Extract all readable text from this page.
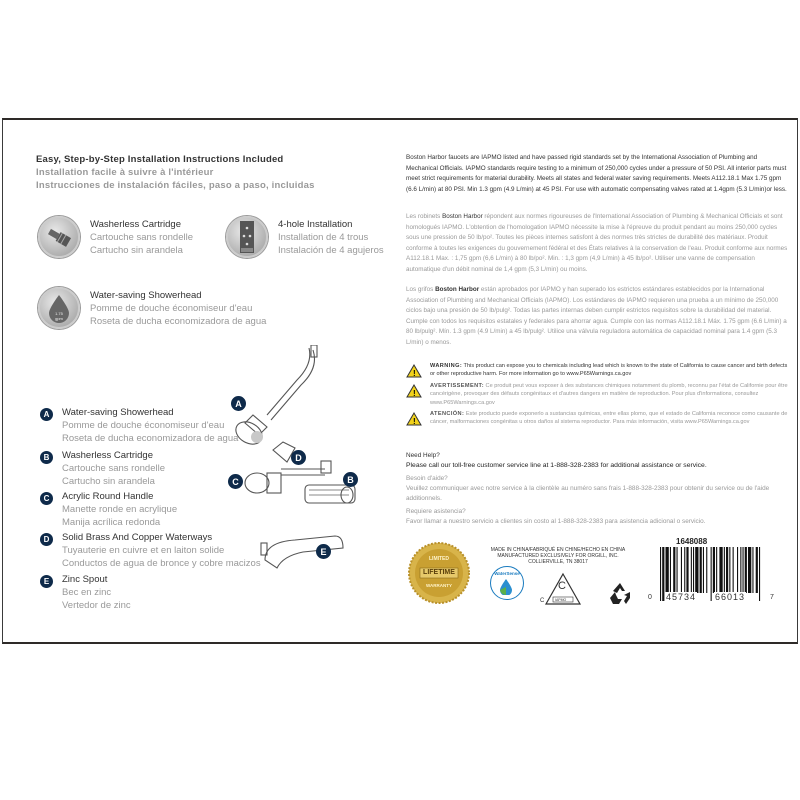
Easy, Step-by-Step Installation Instructions Included
Installation facile à suivre à l'intérieur
Instrucciones de instalación fáciles, paso a paso, incluidas
Washerless Cartridge
Cartouche sans rondelle
Cartucho sin arandela
4-hole Installation
Installation de 4 trous
Instalación de 4 agujeros
1.75 gpm
Water-saving Showerhead
Pomme de douche économiseur d'eau
Roseta de ducha economizadora de agua
A	Water-saving Showerhead
Pomme de douche économiseur d'eau
Roseta de ducha economizadora de agua
B	Washerless Cartridge
Cartouche sans rondelle
Cartucho sin arandela
C	Acrylic Round Handle
Manette ronde en acrylique
Manija acrílica redonda
D	Solid Brass And Copper Waterways
Tuyauterie en cuivre et en laiton solide
Conductos de agua de bronce y cobre macizos
E	Zinc Spout
Bec en zinc
Vertedor de zinc
A
B
C
D
E
Boston Harbor faucets are IAPMO listed and have passed rigid standards set by the International Association of Plumbing and Mechanical Officials. IAPMO standards require testing to a minimum of 250,000 cycles under a pressure of 50 PSI. All interior parts must meet strict requirements for material durability. Meets all states and federal water saving requirements. Meets A112.18.1 Max 1.75 gpm (6.6 L/min) at 80 PSI. Min 1.3 gpm (4.9 L/min) at 45 PSI. For use with automatic compensating valves rated at 1.4gpm (5.3 L/min)or less.
Les robinets Boston Harbor répondent aux normes rigoureuses de l'International Association of Plumbing & Mechanical Officials et sont homologués IAPMO. L'obtention de l'homologation IAPMO nécessite la mise à l'épreuve du produit pendant au moins 250,000 cycles sous une pression de 50 lb/po². Toutes les pièces internes satisfont à des normes très strictes de durabilité des matériaux. Produit conforme à toutes les exigences du gouvernement fédéral et des États relatives à la conservation de l'eau. Produit conforme aux normes A112.18.1 Max. : 1,75 gpm (6,6 L/min) à 80 lb/po². Min. : 1,3 gpm (4,9 L/min) à 45 lb/po². Utiliser une vanne de compensation automatique d'un débit nominal de 1,4 gpm (5,3 L/min) ou moins.
Los grifos Boston Harbor están aprobados por IAPMO y han superado los estrictos estándares establecidos por la International Association of Plumbing and Mechanical Officials (IAPMO). Los estándares de IAPMO requieren una prueba a un mínimo de 250,000 ciclos bajo una presión de 50 lb/pulg². Todas las partes internas deben cumplir estrictos requisitos sobre la durabilidad del material. Cumple con todos los requisitos estatales y federales para ahorrar agua. Cumple con las normas A112.18.1 Máx. 1.75 gpm (6.6 L/min) a 80 lb/pulg². Mín. 1.3 gpm (4.9 L/min) a 45 lb/pulg². Utilice una válvula reguladora automática de capacidad nominal para 1.4 gpm (5.3 L/min) o menos.
!
WARNING: This product can expose you to chemicals including lead which is known to the state of California to cause cancer and birth defects or other reproductive harm. For more information go to www.P65Warnings.ca.gov
!
AVERTISSEMENT: Ce produit peut vous exposer à des substances chimiques notamment du plomb, reconnu par l'état de Californie pour être cancérigène, provoquer des défauts congénitaux et d'autres dangers en matière de reproduction. Pour plus d'informations, consultez www.P65Warnings.ca.gov
!
ATENCIÓN: Este producto puede exponerlo a sustancias químicas, entre ellas plomo, que el estado de California reconoce como causante de cáncer, malformaciones congénitas u otros daños al sistema reproductor. Para más información, visita www.P65Warnings.ca.gov
Need Help?
Please call our toll-free customer service line at 1-888-328-2383 for additional assistance or service.
Besoin d'aide?
Veuillez communiquer avec notre service à la clientèle au numéro sans frais 1-888-328-2383 pour obtenir du service ou de l'aide additionnels.
Requiere asistencia?
Favor llamar a nuestro servicio a clientes sin costo al 1-888-328-2383 para asistencia adicional o servicio.
LIMITED
LIFETIME
WARRANTY
MADE IN CHINA/FABRIQUÉ EN CHINE/HECHO EN CHINA
MANUFACTURED EXCLUSIVELY FOR ORGILL, INC.
COLLIERVILLE, TN 38017
WaterSense
C
C	IAPMO
1648088
0 45734 66013	7
